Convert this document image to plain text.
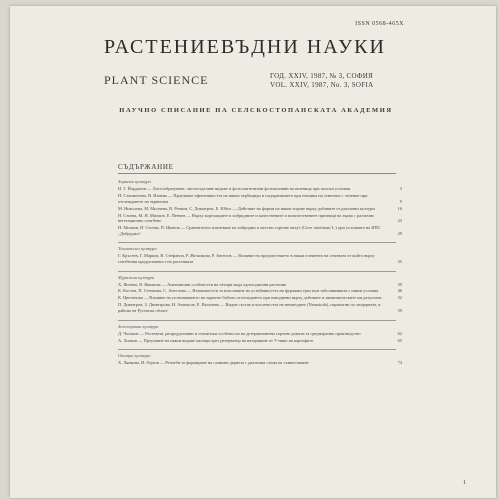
ISSN 0568-465X
РАСТЕНИЕВЪДНИ НАУКИ
PLANT SCIENCE	ГОД. XXIV, 1987, № 3, СОФИЯ
VOL. XXIV, 1987, No. 3, SOFIA
НАУЧНО СПИСАНИЕ НА СЕЛСКОСТОПАНСКАТА АКАДЕМИЯ
СЪДЪРЖАНИЕ
Зърнени култури
И. Г. Йорданов — Листообразуване, листоотделяне видове и фотосинтетични фотоактивни на пшеница при полски условия	3
Н. Стоименова, В. Илиева — Проучване ефективността на някои хербициди и подхранването при ечемика на семената с лечение при отглеждането на зърнената	9
М. Николова, М. Милчева, В. Ренков, С. Димитров, Е. Юбел — Действие на форми на някои торове върху добивите от различни култури	16
Н. Стоева, М. Н. Милков, Е. Пенчев — Върху корелациите в хибридните и качествените и количествените признаци на зърна с различно вегетационно сеитбено	23
Н. Милков, Н. Стоева, П. Иванов — Сравнително изпитване на хибридни и местни сортове нахут (Cicer arietinum L.) при условията на ИПС „Добруджа“	29
Технически култури
Г. Кръстев, Г. Марков, В. Стефанов, Р. Желязкова, Р. Ангелов — Влияние на предшествието в някои елементи на семената от който върху сеитбения продуктивност на растенията	35
Фуражни култури
Х. Янчева, Я. Якимова — Анатомични особености на четири вида едногодишни растения	39
К. Костов, П. Стенкова, С. Ангелова — Възможности за използване на устойчивостта на фуражни граx към заболяванията с някои условия	46
К. Цветанова — Влияние на уплътняването на зърнено-бобово отглеждането при наводнени върху добивите и икономическите им резултати	52
П. Димитров, З. Димитрова, Н. Атанасов, Е. Василева — Видов състав и числеността на нематодите (Nematoda), паразитни по люцерната, в района на Русенска област	59
Зеленчукови култури
Д. Чолаков — Растежни, репродуктивни и стопански особености на детерминантни сортове домати за средноранно производство	62
А. Личков — Проучване на някои видове пасища чрез резерватор на наторяване от У-ниво на картофите	65
Овощни култури
Х. Лянкова, И. Гергов — Резитби за формиране на сливови дървета с различна схема на съвместяване	74
1
